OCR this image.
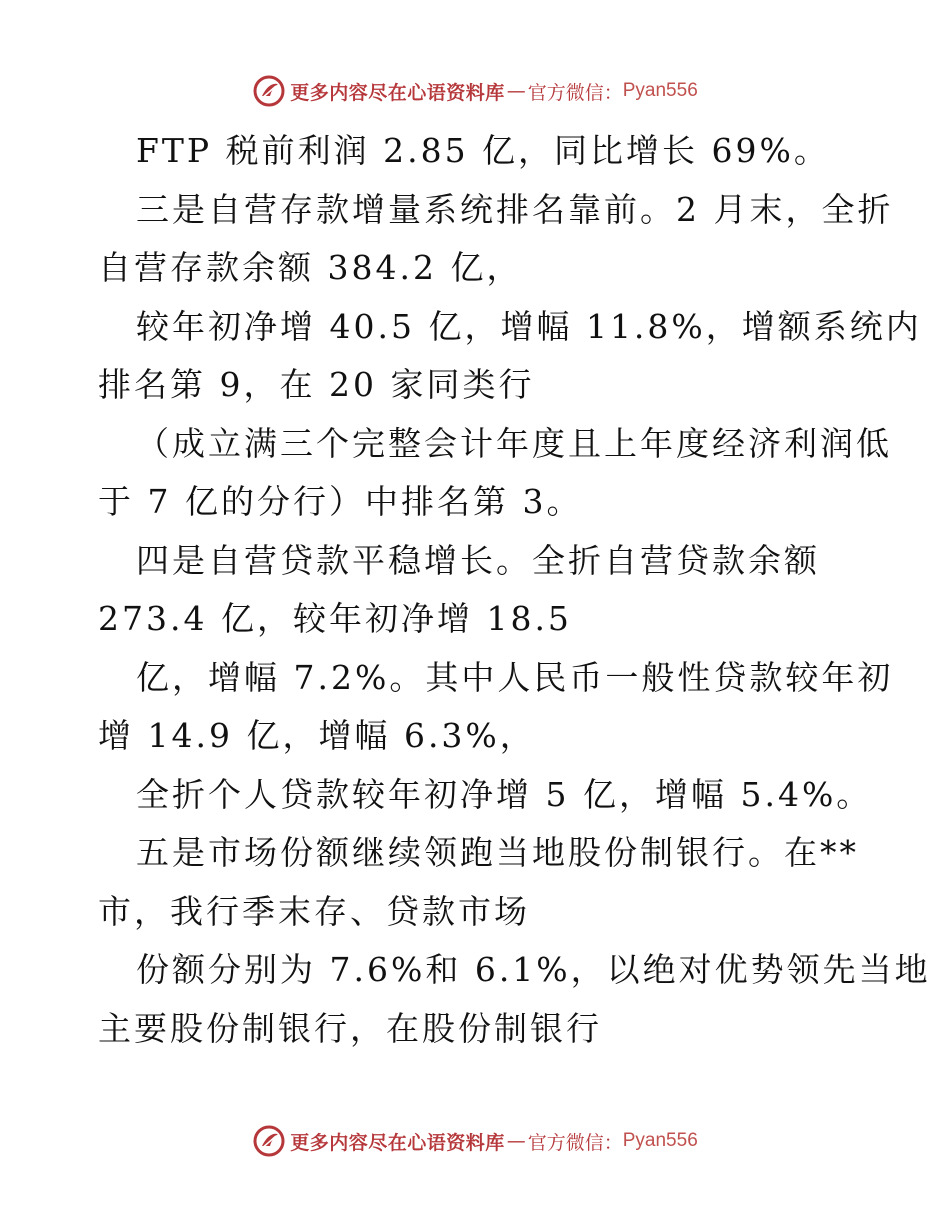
更多内容尽在心语资料库 — 官方微信： Pyan556
FTP 税前利润 2.85 亿，同比增长 69%。
三是自营存款增量系统排名靠前。2 月末，全折
自营存款余额 384.2 亿，
较年初净增 40.5 亿，增幅 11.8%，增额系统内
排名第 9，在 20 家同类行
（成立满三个完整会计年度且上年度经济利润低
于 7 亿的分行）中排名第 3。
四是自营贷款平稳增长。全折自营贷款余额
273.4 亿，较年初净增 18.5
亿，增幅 7.2%。其中人民币一般性贷款较年初
增 14.9 亿，增幅 6.3%，
全折个人贷款较年初净增 5 亿，增幅 5.4%。
五是市场份额继续领跑当地股份制银行。在**
市，我行季末存、贷款市场
份额分别为 7.6%和 6.1%，以绝对优势领先当地
主要股份制银行，在股份制银行
更多内容尽在心语资料库 — 官方微信： Pyan556
